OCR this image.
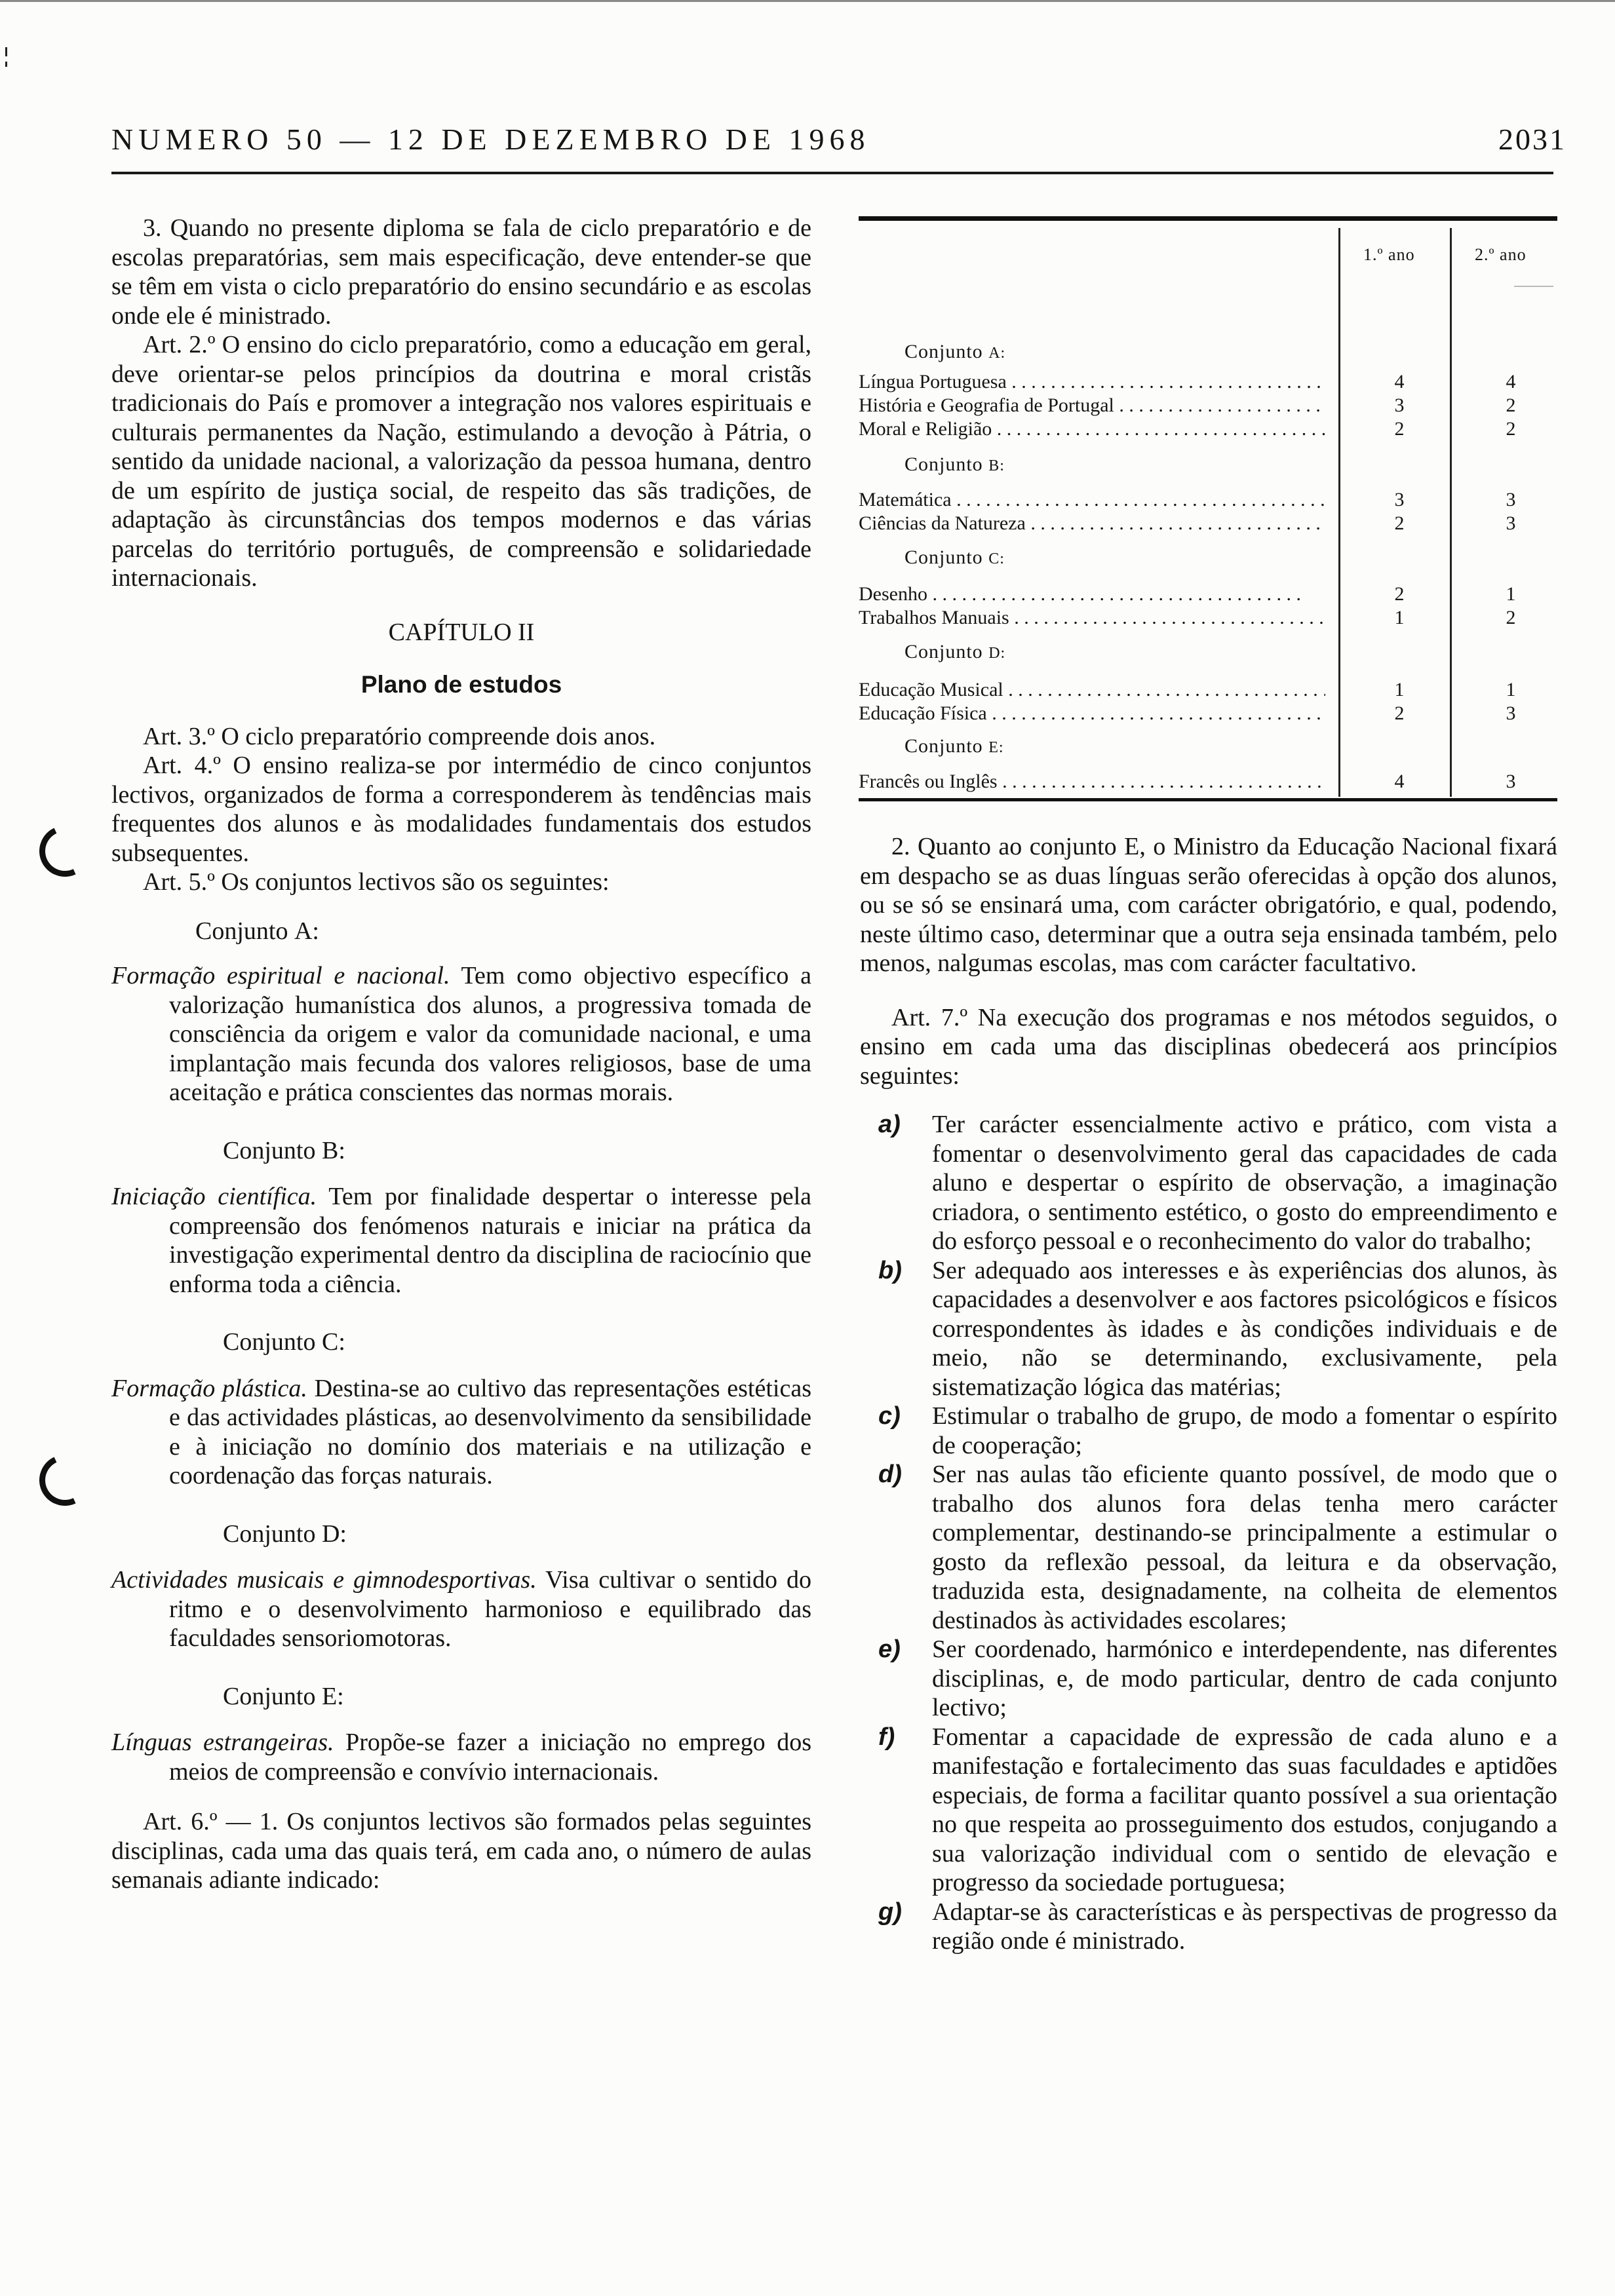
NUMERO 50 — 12 DE DEZEMBRO DE 1968	2031

3. Quando no presente diploma se fala de ciclo preparatório e de escolas preparatórias, sem mais especificação, deve entender-se que se têm em vista o ciclo preparatório do ensino secundário e as escolas onde ele é ministrado.

Art. 2.º O ensino do ciclo preparatório, como a educação em geral, deve orientar-se pelos princípios da doutrina e moral cristãs tradicionais do País e promover a integração nos valores espirituais e culturais permanentes da Nação, estimulando a devoção à Pátria, o sentido da unidade nacional, a valorização da pessoa humana, dentro de um espírito de justiça social, de respeito das sãs tradições, de adaptação às circunstâncias dos tempos modernos e das várias parcelas do território português, de compreensão e solidariedade internacionais.

CAPÍTULO II

Plano de estudos

Art. 3.º O ciclo preparatório compreende dois anos.

Art. 4.º O ensino realiza-se por intermédio de cinco conjuntos lectivos, organizados de forma a corresponderem às tendências mais frequentes dos alunos e às modalidades fundamentais dos estudos subsequentes.

Art. 5.º Os conjuntos lectivos são os seguintes:

Conjunto A:

Formação espiritual e nacional. Tem como objectivo específico a valorização humanística dos alunos, a progressiva tomada de consciência da origem e valor da comunidade nacional, e uma implantação mais fecunda dos valores religiosos, base de uma aceitação e prática conscientes das normas morais.

Conjunto B:

Iniciação científica. Tem por finalidade despertar o interesse pela compreensão dos fenómenos naturais e iniciar na prática da investigação experimental dentro da disciplina de raciocínio que enforma toda a ciência.

Conjunto C:

Formação plástica. Destina-se ao cultivo das representações estéticas e das actividades plásticas, ao desenvolvimento da sensibilidade e à iniciação no domínio dos materiais e na utilização e coordenação das forças naturais.

Conjunto D:

Actividades musicais e gimnodesportivas. Visa cultivar o sentido do ritmo e o desenvolvimento harmonioso e equilibrado das faculdades sensoriomotoras.

Conjunto E:

Línguas estrangeiras. Propõe-se fazer a iniciação no emprego dos meios de compreensão e convívio internacionais.

Art. 6.º — 1. Os conjuntos lectivos são formados pelas seguintes disciplinas, cada uma das quais terá, em cada ano, o número de aulas semanais adiante indicado:

1.º ano	2.º ano
Conjunto A:
Língua Portuguesa . . .	4	4
História e Geografia de Portugal . . .	3	2
Moral e Religião . . .	2	2
Conjunto B:
Matemática . . .	3	3
Ciências da Natureza . . .	2	3
Conjunto C:
Desenho . . .	2	1
Trabalhos Manuais . . .	1	2
Conjunto D:
Educação Musical . . .	1	1
Educação Física . . .	2	3
Conjunto E:
Francês ou Inglês . . .	4	3

2. Quanto ao conjunto E, o Ministro da Educação Nacional fixará em despacho se as duas línguas serão oferecidas à opção dos alunos, ou se só se ensinará uma, com carácter obrigatório, e qual, podendo, neste último caso, determinar que a outra seja ensinada também, pelo menos, nalgumas escolas, mas com carácter facultativo.

Art. 7.º Na execução dos programas e nos métodos seguidos, o ensino em cada uma das disciplinas obedecerá aos princípios seguintes:

a) Ter carácter essencialmente activo e prático, com vista a fomentar o desenvolvimento geral das capacidades de cada aluno e despertar o espírito de observação, a imaginação criadora, o sentimento estético, o gosto do empreendimento e do esforço pessoal e o reconhecimento do valor do trabalho;

b) Ser adequado aos interesses e às experiências dos alunos, às capacidades a desenvolver e aos factores psicológicos e físicos correspondentes às idades e às condições individuais e de meio, não se determinando, exclusivamente, pela sistematização lógica das matérias;

c) Estimular o trabalho de grupo, de modo a fomentar o espírito de cooperação;

d) Ser nas aulas tão eficiente quanto possível, de modo que o trabalho dos alunos fora delas tenha mero carácter complementar, destinando-se principalmente a estimular o gosto da reflexão pessoal, da leitura e da observação, traduzida esta, designadamente, na colheita de elementos destinados às actividades escolares;

e) Ser coordenado, harmónico e interdependente, nas diferentes disciplinas, e, de modo particular, dentro de cada conjunto lectivo;

f) Fomentar a capacidade de expressão de cada aluno e a manifestação e fortalecimento das suas faculdades e aptidões especiais, de forma a facilitar quanto possível a sua orientação no que respeita ao prosseguimento dos estudos, conjugando a sua valorização individual com o sentido de elevação e progresso da sociedade portuguesa;

g) Adaptar-se às características e às perspectivas de progresso da região onde é ministrado.
